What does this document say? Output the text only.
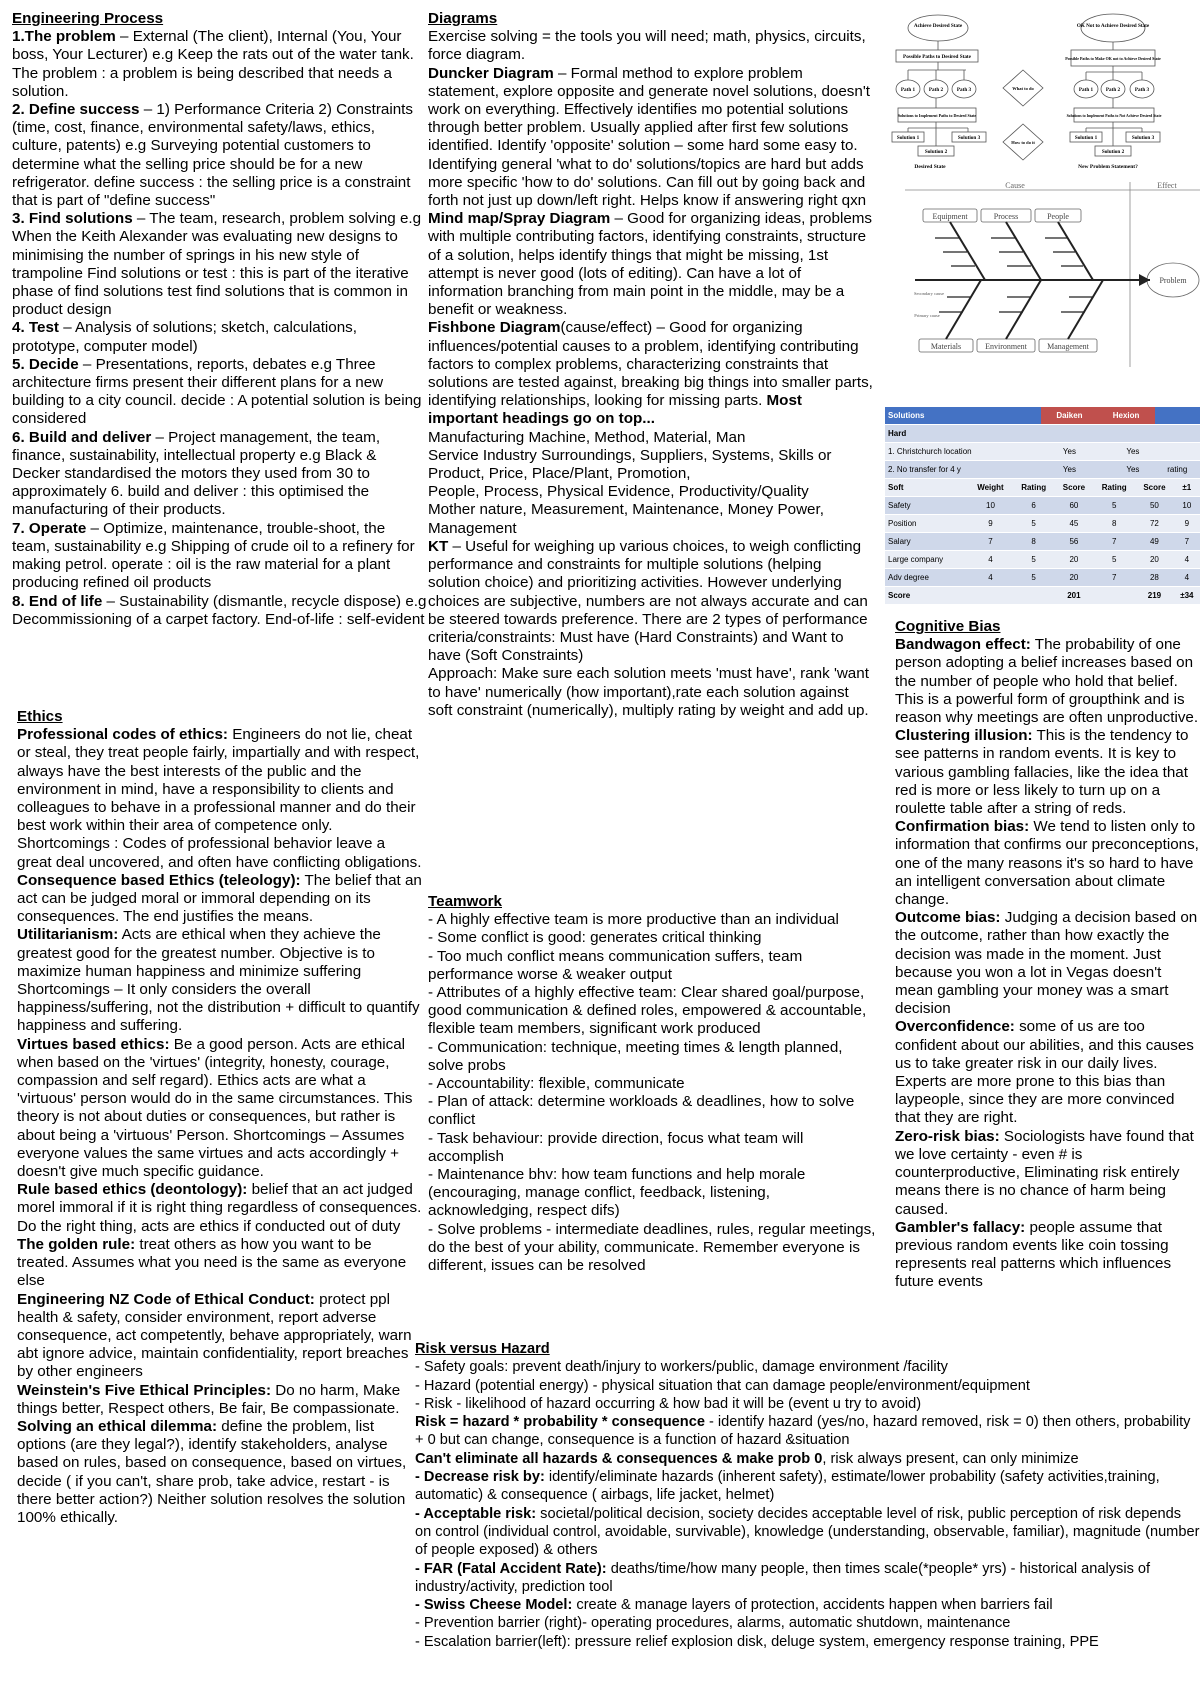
Engineering Process
1.The problem – External (The client), Internal (You, Your boss, Your Lecturer) e.g Keep the rats out of the water tank. The problem : a problem is being described that needs a solution.
2. Define success – 1) Performance Criteria 2) Constraints (time, cost, finance, environmental safety/laws, ethics, culture, patents) e.g Surveying potential customers to determine what the selling price should be for a new refrigerator. define success : the selling price is a constraint that is part of "define success"
3. Find solutions – The team, research, problem solving e.g When the Keith Alexander was evaluating new designs to minimising the number of springs in his new style of trampoline Find solutions or test : this is part of the iterative phase of find solutions test find solutions that is common in product design
4. Test – Analysis of solutions; sketch, calculations, prototype, computer model)
5. Decide – Presentations, reports, debates e.g Three architecture firms present their different plans for a new building to a city council. decide : A potential solution is being considered
6. Build and deliver – Project management, the team, finance, sustainability, intellectual property e.g Black & Decker standardised the motors they used from 30 to approximately 6. build and deliver : this optimised the manufacturing of their products.
7. Operate – Optimize, maintenance, trouble-shoot, the team, sustainability e.g Shipping of crude oil to a refinery for making petrol. operate : oil is the raw material for a plant producing refined oil products
8. End of life – Sustainability (dismantle, recycle dispose) e.g Decommissioning of a carpet factory. End-of-life : self-evident
Ethics
Professional codes of ethics: Engineers do not lie, cheat or steal, they treat people fairly, impartially and with respect, always have the best interests of the public and the environment in mind, have a responsibility to clients and colleagues to behave in a professional manner and do their best work within their area of competence only. Shortcomings : Codes of professional behavior leave a great deal uncovered, and often have conflicting obligations.
Consequence based Ethics (teleology): The belief that an act can be judged moral or immoral depending on its consequences. The end justifies the means.
Utilitarianism: Acts are ethical when they achieve the greatest good for the greatest number. Objective is to maximize human happiness and minimize suffering Shortcomings – It only considers the overall happiness/suffering, not the distribution + difficult to quantify happiness and suffering.
Virtues based ethics: Be a good person. Acts are ethical when based on the 'virtues' (integrity, honesty, courage, compassion and self regard). Ethics acts are what a 'virtuous' person would do in the same circumstances. This theory is not about duties or consequences, but rather is about being a 'virtuous' Person. Shortcomings – Assumes everyone values the same virtues and acts accordingly + doesn't give much specific guidance.
Rule based ethics (deontology): belief that an act judged morel immoral if it is right thing regardless of consequences. Do the right thing, acts are ethics if conducted out of duty
The golden rule: treat others as how you want to be treated. Assumes what you need is the same as everyone else
Engineering NZ Code of Ethical Conduct: protect ppl health & safety, consider environment, report adverse consequence, act competently, behave appropriately, warn abt ignore advice, maintain confidentiality, report breaches by other engineers
Weinstein's Five Ethical Principles: Do no harm, Make things better, Respect others, Be fair, Be compassionate.
Solving an ethical dilemma: define the problem, list options (are they legal?), identify stakeholders, analyse based on rules, based on consequence, based on virtues, decide ( if you can't, share prob, take advice, restart - is there better action?) Neither solution resolves the solution 100% ethically.
Diagrams
Exercise solving = the tools you will need; math, physics, circuits, force diagram.
Duncker Diagram – Formal method to explore problem statement, explore opposite and generate novel solutions, doesn't work on everything. Effectively identifies mo potential solutions through better problem. Usually applied after first few solutions identified. Identify 'opposite' solution – some hard some easy to. Identifying general 'what to do' solutions/topics are hard but adds more specific 'how to do' solutions. Can fill out by going back and forth not just up down/left right. Helps know if answering right qxn
Mind map/Spray Diagram – Good for organizing ideas, problems with multiple contributing factors, identifying constraints, structure of a solution, helps identify things that might be missing, 1st attempt is never good (lots of editing). Can have a lot of information branching from main point in the middle, may be a benefit or weakness.
Fishbone Diagram(cause/effect) – Good for organizing influences/potential causes to a problem, identifying contributing factors to complex problems, characterizing constraints that solutions are tested against, breaking big things into smaller parts, identifying relationships, looking for missing parts. Most important headings go on top...
Manufacturing Machine, Method, Material, Man
Service Industry Surroundings, Suppliers, Systems, Skills or Product, Price, Place/Plant, Promotion,
People, Process, Physical Evidence, Productivity/Quality
Mother nature, Measurement, Maintenance, Money Power, Management
KT – Useful for weighing up various choices, to weigh conflicting performance and constraints for multiple solutions (helping solution choice) and prioritizing activities. However underlying choices are subjective, numbers are not always accurate and can be steered towards preference. There are 2 types of performance criteria/constraints: Must have (Hard Constraints) and Want to have (Soft Constraints)
Approach: Make sure each solution meets 'must have', rank 'want to have' numerically (how important),rate each solution against soft constraint (numerically), multiply rating by weight and add up.
Teamwork
- A highly effective team is more productive than an individual
- Some conflict is good: generates critical thinking
- Too much conflict means communication suffers, team performance worse & weaker output
- Attributes of a highly effective team: Clear shared goal/purpose, good communication & defined roles, empowered & accountable, flexible team members, significant work produced
- Communication: technique, meeting times & length planned, solve probs
- Accountability: flexible, communicate
- Plan of attack: determine workloads & deadlines, how to solve conflict
- Task behaviour: provide direction, focus what team will accomplish
- Maintenance bhv: how team functions and help morale (encouraging, manage conflict, feedback, listening, acknowledging, respect difs)
- Solve problems - intermediate deadlines, rules, regular meetings, do the best of your ability, communicate. Remember everyone is different, issues can be resolved
Risk versus Hazard
- Safety goals: prevent death/injury to workers/public, damage environment /facility
- Hazard (potential energy) - physical situation that can damage people/environment/equipment
- Risk - likelihood of hazard occurring & how bad it will be (event u try to avoid)
Risk = hazard * probability * consequence - identify hazard (yes/no, hazard removed, risk = 0) then others, probability + 0 but can change, consequence is a function of hazard &situation
Can't eliminate all hazards & consequences & make prob 0, risk always present, can only minimize
- Decrease risk by: identify/eliminate hazards (inherent safety), estimate/lower probability (safety activities,training, automatic) & consequence ( airbags, life jacket, helmet)
- Acceptable risk: societal/political decision, society decides acceptable level of risk, public perception of risk depends on control (individual control, avoidable, survivable), knowledge (understanding, observable, familiar), magnitude (number of people exposed) & others
- FAR (Fatal Accident Rate): deaths/time/how many people, then times scale(*people* yrs) - historical analysis of industry/activity, prediction tool
- Swiss Cheese Model: create & manage layers of protection, accidents happen when barriers fail
- Prevention barrier (right)- operating procedures, alarms, automatic shutdown, maintenance
- Escalation barrier(left): pressure relief explosion disk, deluge system, emergency response training, PPE
Cognitive Bias
Bandwagon effect: The probability of one person adopting a belief increases based on the number of people who hold that belief. This is a powerful form of groupthink and is reason why meetings are often unproductive.
Clustering illusion: This is the tendency to see patterns in random events. It is key to various gambling fallacies, like the idea that red is more or less likely to turn up on a roulette table after a string of reds.
Confirmation bias: We tend to listen only to information that confirms our preconceptions, one of the many reasons it's so hard to have an intelligent conversation about climate change.
Outcome bias: Judging a decision based on the outcome, rather than how exactly the decision was made in the moment. Just because you won a lot in Vegas doesn't mean gambling your money was a smart decision
Overconfidence: some of us are too confident about our abilities, and this causes us to take greater risk in our daily lives. Experts are more prone to this bias than laypeople, since they are more convinced that they are right.
Zero-risk bias: Sociologists have found that we love certainty - even # is counterproductive, Eliminating risk entirely means there is no chance of harm being caused.
Gambler's fallacy: people assume that previous random events like coin tossing represents real patterns which influences future events
Achieve Desired State	OK Not to Achieve Desired State
Possible Paths to Desired State	Possible Paths to Make OK not to Achieve Desired State
Path 1	Path 2	Path 3	Path 1 Path 2	Path 3
Solutions to Implement Paths to Desired State	Solutions to Implement Paths to Not Achieve Desired State
Solution 1	Solution 3
Solution 2
Solution 1	Solution 3
Solution 2
What to do
How to do it
Desired State	New Problem Statement?
Cause	Effect
Equipment	Process	People
Materials	Environment	Management
Problem
Secondary cause
Primary cause
Solutions	Daiken	Hexion		
Hard				
1. Christchurch location	Yes		Yes	
2. No transfer for 4 y	Yes		Yes	rating
Soft	Weight	Rating	Score	Rating	Score	±1
Safety	10	6	60	5	50	10
Position	9	5	45	8	72	9
Salary	7	8	56	7	49	7
Large company	4	5	20	5	20	4
Adv degree	4	5	20	7	28	4
Score			201		219	±34
